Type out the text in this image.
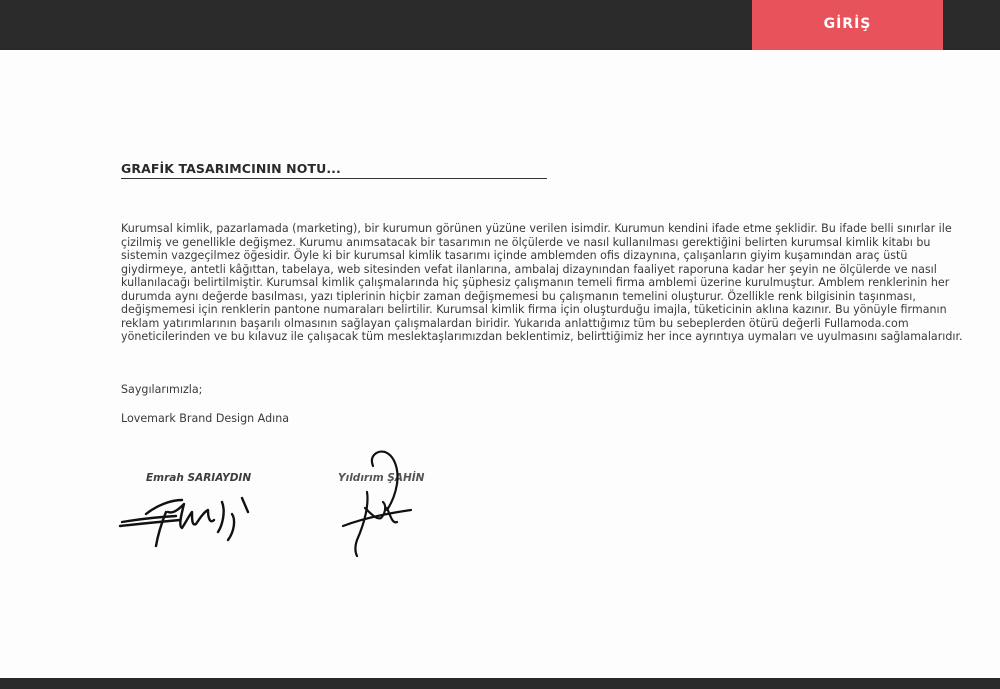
GİRİŞ
GRAFİK TASARIMCININ NOTU...

Kurumsal kimlik, pazarlamada (marketing), bir kurumun görünen yüzüne verilen isimdir. Kurumun kendini ifade etme şeklidir. Bu ifade belli sınırlar ile çizilmiş ve genellikle değişmez. Kurumu anımsatacak bir tasarımın ne ölçülerde ve nasıl kullanılması gerektiğini belirten kurumsal kimlik kitabı bu sistemin vazgeçilmez öğesidir. Öyle ki bir kurumsal kimlik tasarımı içinde amblemden ofis dizaynına, çalışanların giyim kuşamından araç üstü giydirmeye, antetli kâğıttan, tabelaya, web sitesinden vefat ilanlarına, ambalaj dizaynından faaliyet raporuna kadar her şeyin ne ölçülerde ve nasıl kullanılacağı belirtilmiştir. Kurumsal kimlik çalışmalarında hiç şüphesiz çalışmanın temeli firma amblemi üzerine kurulmuştur. Amblem renklerinin her durumda aynı değerde basılması, yazı tiplerinin hiçbir zaman değişmemesi bu çalışmanın temelini oluşturur. Özellikle renk bilgisinin taşınması, değişmemesi için renklerin pantone numaraları belirtilir. Kurumsal kimlik firma için oluşturduğu imajla, tüketicinin aklına kazınır. Bu yönüyle firmanın reklam yatırımlarının başarılı olmasının sağlayan çalışmalardan biridir. Yukarıda anlattığımız tüm bu sebeplerden ötürü değerli Fullamoda.com yöneticilerinden ve bu kılavuz ile çalışacak tüm meslektaşlarımızdan beklentimiz, belirttiğimiz her ince ayrıntıya uymaları ve uyulmasını sağlamalarıdır.

Saygılarımızla;

Lovemark Brand Design Adına

Emrah SARIAYDIN	Yıldırım ŞAHİN
